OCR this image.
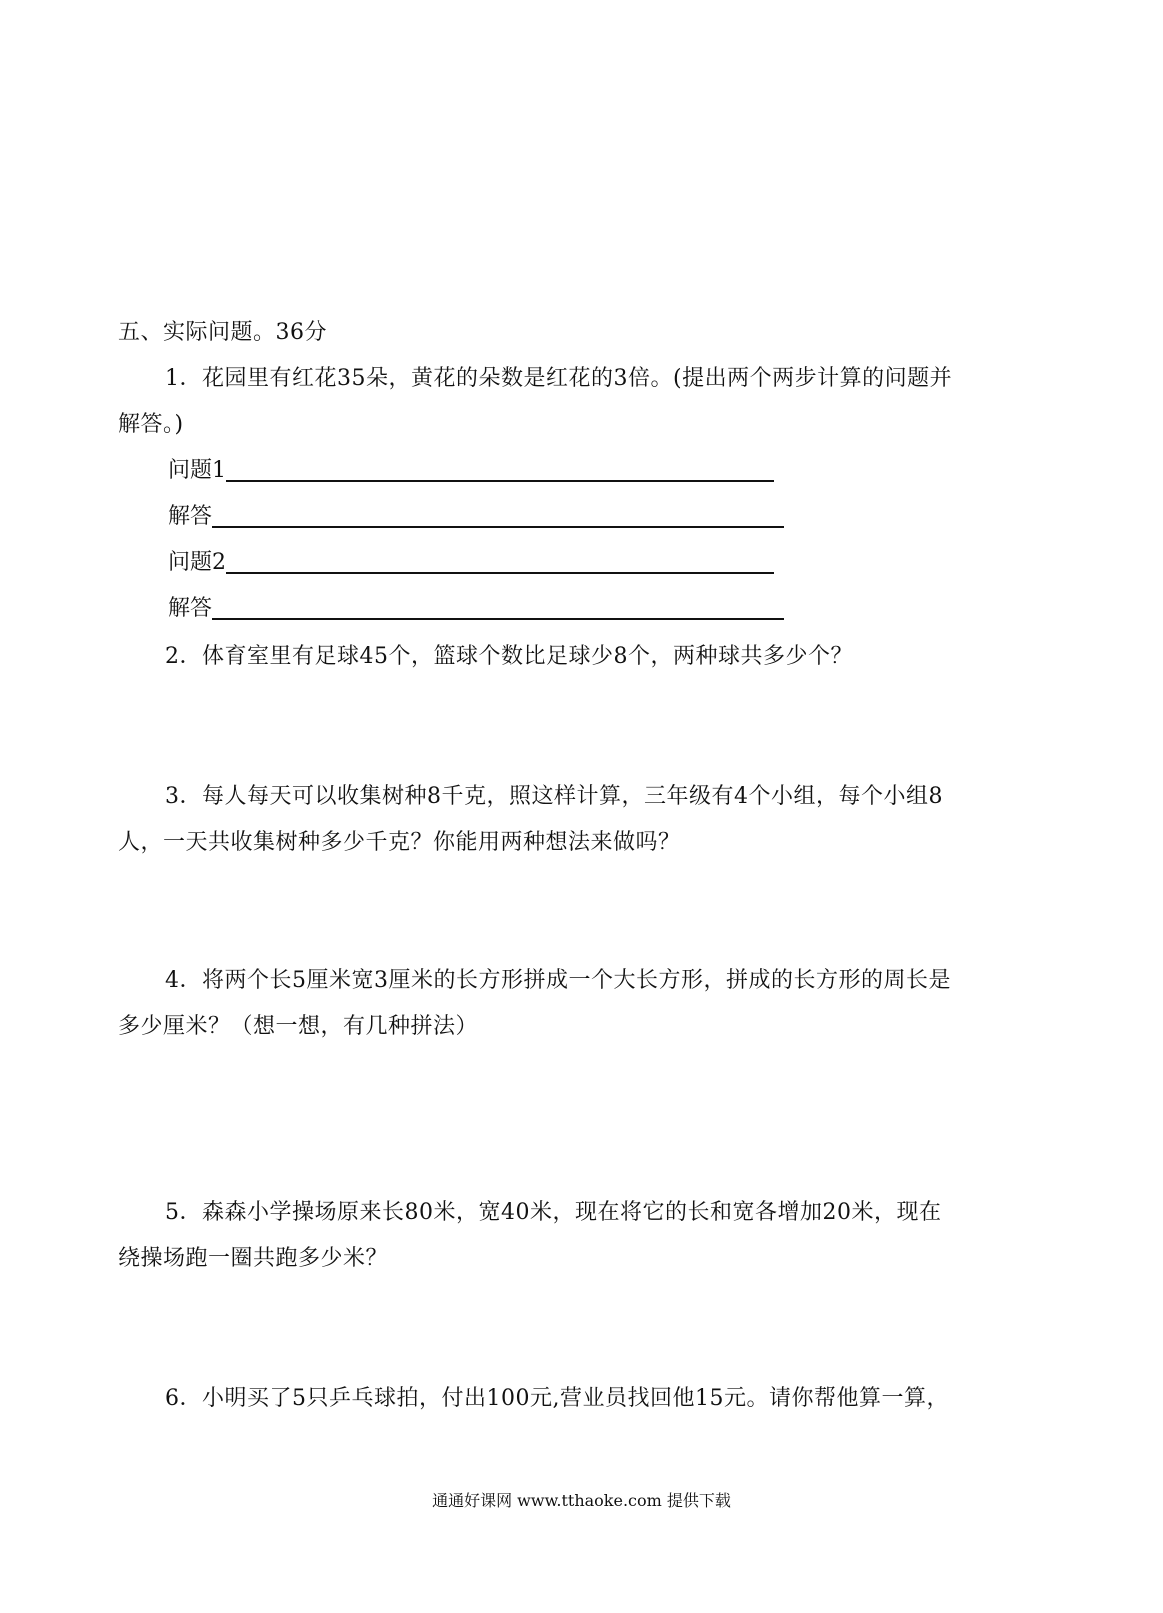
五、实际问题。36分
1．花园里有红花35朵，黄花的朵数是红花的3倍。(提出两个两步计算的问题并
解答。)
问题1
解答
问题2
解答
2．体育室里有足球45个，篮球个数比足球少8个，两种球共多少个？
3．每人每天可以收集树种8千克，照这样计算，三年级有4个小组，每个小组8
人，一天共收集树种多少千克？你能用两种想法来做吗？
4．将两个长5厘米宽3厘米的长方形拼成一个大长方形，拼成的长方形的周长是
多少厘米？（想一想，有几种拼法）
5．森森小学操场原来长80米，宽40米，现在将它的长和宽各增加20米，现在
绕操场跑一圈共跑多少米？
6．小明买了5只乒乓球拍，付出100元,营业员找回他15元。请你帮他算一算，
通通好课网 www.tthaoke.com 提供下载
